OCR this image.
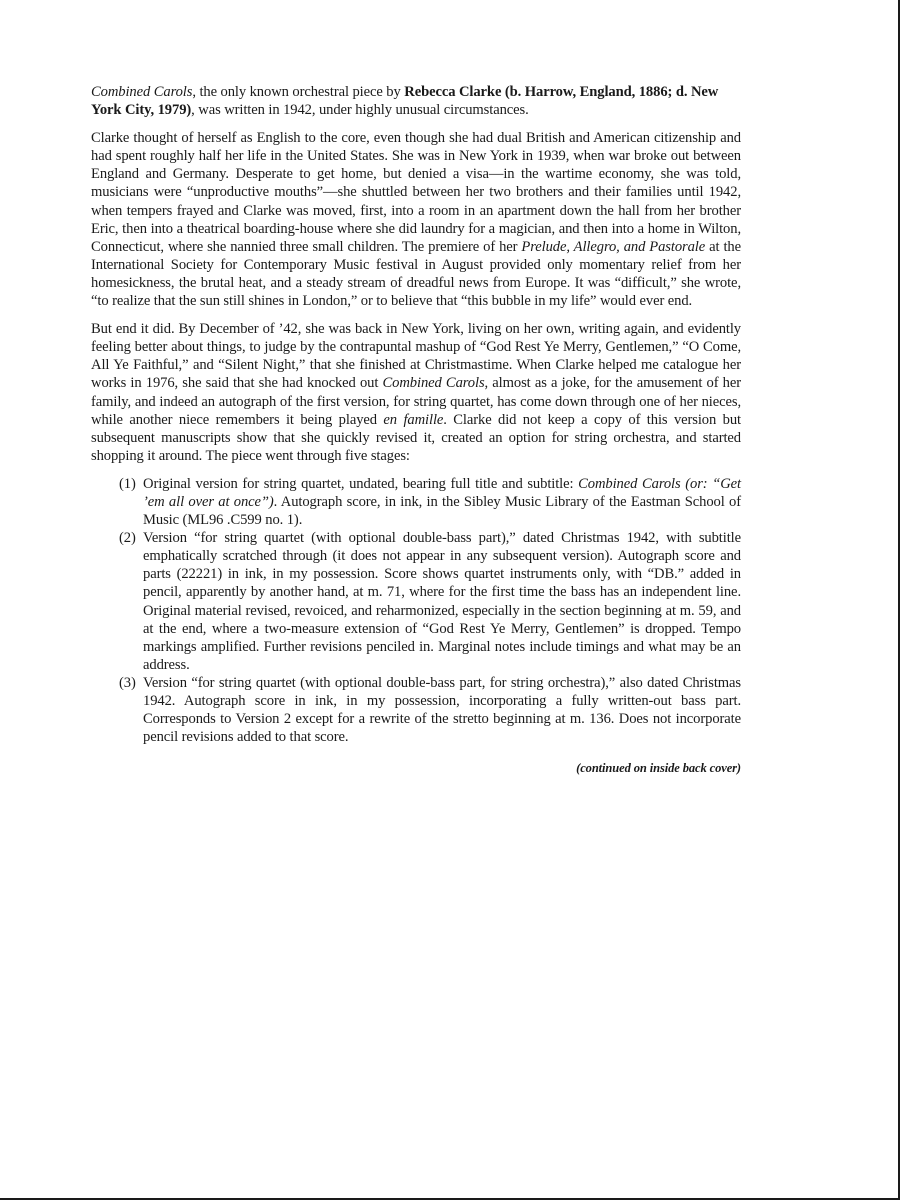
Combined Carols, the only known orchestral piece by Rebecca Clarke (b. Harrow, England, 1886; d. New York City, 1979), was written in 1942, under highly unusual circumstances.

Clarke thought of herself as English to the core, even though she had dual British and American citizenship and had spent roughly half her life in the United States. She was in New York in 1939, when war broke out between England and Germany. Desperate to get home, but denied a visa—in the wartime economy, she was told, musicians were “unproductive mouths”—she shuttled between her two brothers and their families until 1942, when tempers frayed and Clarke was moved, first, into a room in an apartment down the hall from her brother Eric, then into a theatrical boarding-house where she did laundry for a magician, and then into a home in Wilton, Connecticut, where she nannied three small children. The premiere of her Prelude, Allegro, and Pastorale at the International Society for Contemporary Music festival in August provided only momentary relief from her homesickness, the brutal heat, and a steady stream of dreadful news from Europe. It was “difficult,” she wrote, “to realize that the sun still shines in London,” or to believe that “this bubble in my life” would ever end.

But end it did. By December of ’42, she was back in New York, living on her own, writing again, and evidently feeling better about things, to judge by the contrapuntal mashup of “God Rest Ye Merry, Gentlemen,” “O Come, All Ye Faithful,” and “Silent Night,” that she finished at Christmastime. When Clarke helped me catalogue her works in 1976, she said that she had knocked out Combined Carols, almost as a joke, for the amusement of her family, and indeed an autograph of the first version, for string quartet, has come down through one of her nieces, while another niece remembers it being played en famille. Clarke did not keep a copy of this version but subsequent manuscripts show that she quickly revised it, created an option for string orchestra, and started shopping it around. The piece went through five stages:

(1) Original version for string quartet, undated, bearing full title and subtitle: Combined Carols (or: “Get ’em all over at once”). Autograph score, in ink, in the Sibley Music Library of the Eastman School of Music (ML96 .C599 no. 1).
(2) Version “for string quartet (with optional double-bass part),” dated Christmas 1942, with subtitle emphatically scratched through (it does not appear in any subsequent version). Autograph score and parts (22221) in ink, in my possession. Score shows quartet instruments only, with “DB.” added in pencil, apparently by another hand, at m. 71, where for the first time the bass has an independent line. Original material revised, revoiced, and reharmonized, especially in the section beginning at m. 59, and at the end, where a two-measure extension of “God Rest Ye Merry, Gentlemen” is dropped. Tempo markings amplified. Further revisions penciled in. Marginal notes include timings and what may be an address.
(3) Version “for string quartet (with optional double-bass part, for string orchestra),” also dated Christmas 1942. Autograph score in ink, in my possession, incorporating a fully written-out bass part. Corresponds to Version 2 except for a rewrite of the stretto beginning at m. 136. Does not incorporate pencil revisions added to that score.
(continued on inside back cover)
